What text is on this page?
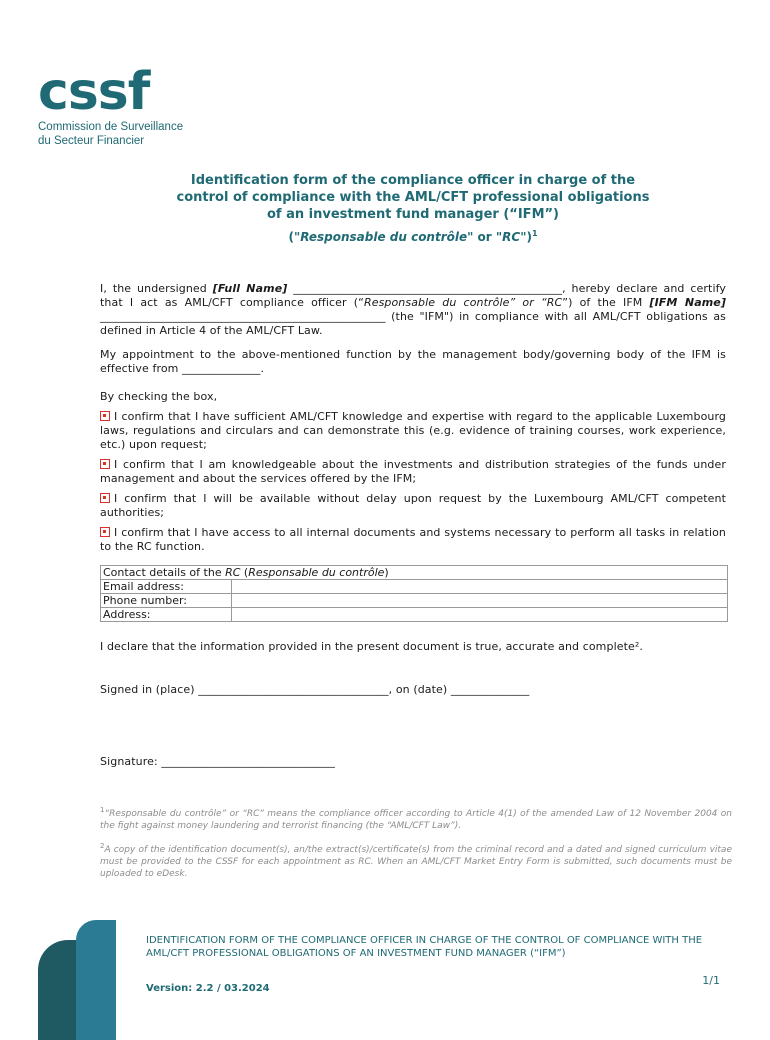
cssf
Commission de Surveillance
du Secteur Financier
Identification form of the compliance officer in charge of the
control of compliance with the AML/CFT professional obligations
of an investment fund manager (“IFM”)
("Responsable du contrôle" or "RC")$^1$
I, the undersigned [Full Name] ________________________________________________, hereby declare and certify that I act as AML/CFT compliance officer (“Responsable du contrôle” or “RC”) of the IFM [IFM Name] ___________________________________________________ (the "IFM") in compliance with all AML/CFT obligations as defined in Article 4 of the AML/CFT Law.
My appointment to the above-mentioned function by the management body/governing body of the IFM is effective from ______________.
By checking the box,
I confirm that I have sufficient AML/CFT knowledge and expertise with regard to the applicable Luxembourg laws, regulations and circulars and can demonstrate this (e.g. evidence of training courses, work experience, etc.) upon request;
I confirm that I am knowledgeable about the investments and distribution strategies of the funds under management and about the services offered by the IFM;
I confirm that I will be available without delay upon request by the Luxembourg AML/CFT competent authorities;
I confirm that I have access to all internal documents and systems necessary to perform all tasks in relation to the RC function.
Contact details of the RC (Responsable du contrôle)	
Email address:	
Phone number:	
Address:	
I declare that the information provided in the present document is true, accurate and complete².
Signed in (place) __________________________________, on (date) ______________
Signature: _______________________________

$^1$“Responsable du contrôle” or “RC” means the compliance officer according to Article 4(1) of the amended Law of 12 November 2004 on the fight against money laundering and terrorist financing (the “AML/CFT Law”).

$^2$A copy of the identification document(s), an/the extract(s)/certificate(s) from the criminal record and a dated and signed curriculum vitae must be provided to the CSSF for each appointment as RC. When an AML/CFT Market Entry Form is submitted, such documents must be uploaded to eDesk.

IDENTIFICATION FORM OF THE COMPLIANCE OFFICER IN CHARGE OF THE CONTROL OF COMPLIANCE WITH THE AML/CFT PROFESSIONAL OBLIGATIONS OF AN INVESTMENT FUND MANAGER (“IFM”)
1/1
Version: 2.2 / 03.2024
